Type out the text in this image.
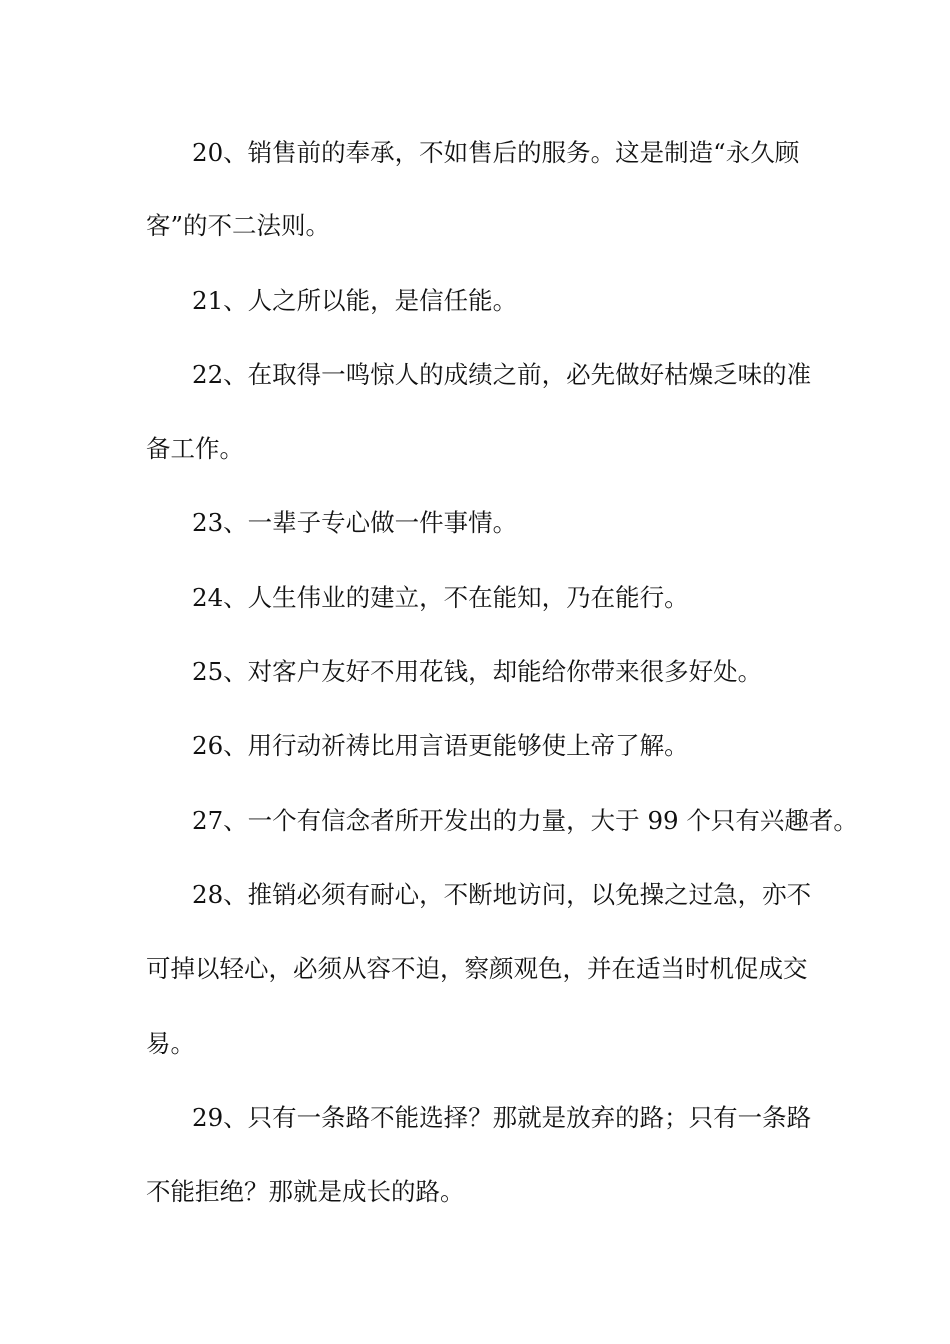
20、销售前的奉承，不如售后的服务。这是制造“永久顾
客”的不二法则。
21、人之所以能，是信任能。
22、在取得一鸣惊人的成绩之前，必先做好枯燥乏味的准
备工作。
23、一辈子专心做一件事情。
24、人生伟业的建立，不在能知，乃在能行。
25、对客户友好不用花钱，却能给你带来很多好处。
26、用行动祈祷比用言语更能够使上帝了解。
27、一个有信念者所开发出的力量，大于 99 个只有兴趣者。
28、推销必须有耐心，不断地访问，以免操之过急，亦不
可掉以轻心，必须从容不迫，察颜观色，并在适当时机促成交
易。
29、只有一条路不能选择？那就是放弃的路；只有一条路
不能拒绝？那就是成长的路。
